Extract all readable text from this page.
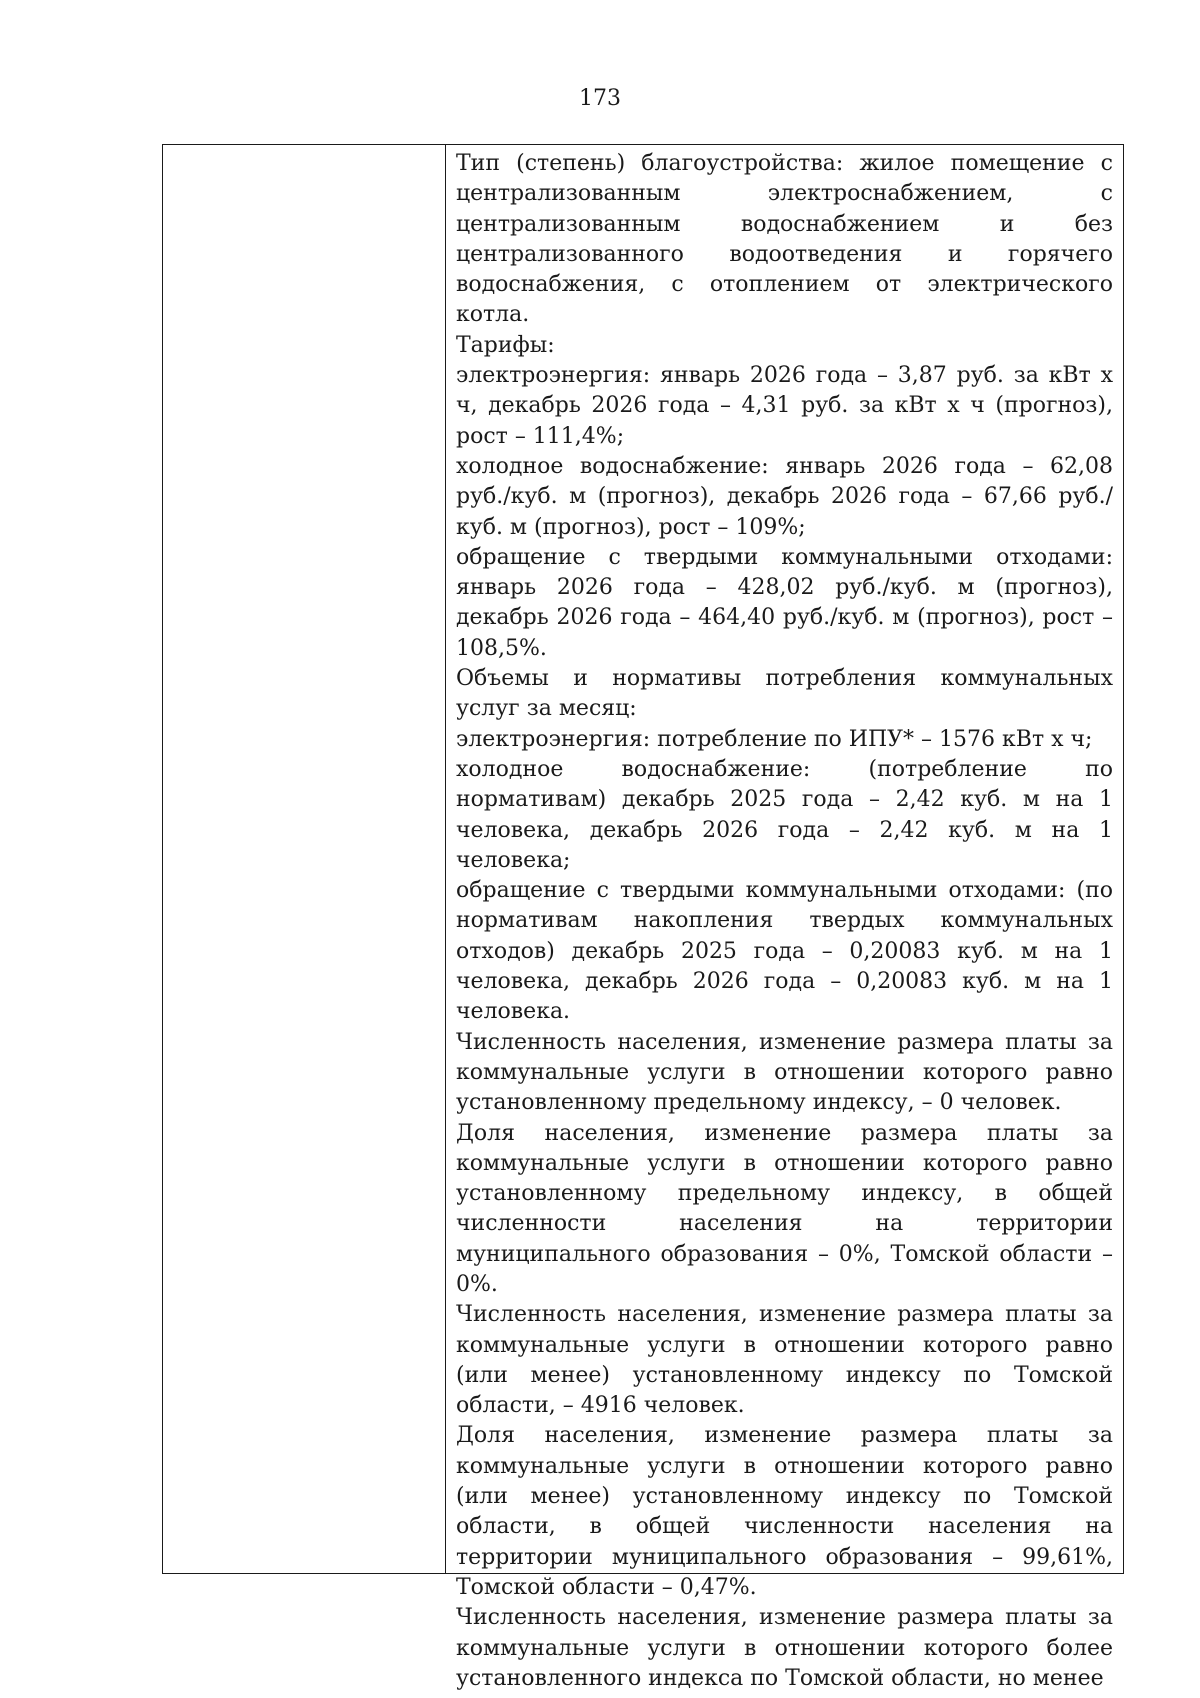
173

Тип (степень) благоустройства: жилое помещение с централизованным электроснабжением, с централизованным водоснабжением и без централизованного водоотведения и горячего водоснабжения, с отоплением от электрического котла.

Тарифы:

электроэнергия: январь 2026 года – 3,87 руб. за кВт х ч, декабрь 2026 года – 4,31 руб. за кВт х ч (прогноз), рост – 111,4%;

холодное водоснабжение: январь 2026 года – 62,08 руб./куб. м (прогноз), декабрь 2026 года – 67,66 руб./куб. м (прогноз), рост – 109%;

обращение с твердыми коммунальными отходами: январь 2026 года – 428,02 руб./куб. м (прогноз), декабрь 2026 года – 464,40 руб./куб. м (прогноз), рост – 108,5%.

Объемы и нормативы потребления коммунальных услуг за месяц:

электроэнергия: потребление по ИПУ* – 1576 кВт х ч;

холодное водоснабжение: (потребление по нормативам) декабрь 2025 года – 2,42 куб. м на 1 человека, декабрь 2026 года – 2,42 куб. м на 1 человека;

обращение с твердыми коммунальными отходами: (по нормативам накопления твердых коммунальных отходов) декабрь 2025 года – 0,20083 куб. м на 1 человека, декабрь 2026 года – 0,20083 куб. м на 1 человека.

Численность населения, изменение размера платы за коммунальные услуги в отношении которого равно установленному предельному индексу, – 0 человек.

Доля населения, изменение размера платы за коммунальные услуги в отношении которого равно установленному предельному индексу, в общей численности населения на территории муниципального образования – 0%, Томской области – 0%.

Численность населения, изменение размера платы за коммунальные услуги в отношении которого равно (или менее) установленному индексу по Томской области, – 4916 человек.

Доля населения, изменение размера платы за коммунальные услуги в отношении которого равно (или менее) установленному индексу по Томской области, в общей численности населения на территории муниципального образования – 99,61%, Томской области – 0,47%.

Численность населения, изменение размера платы за коммунальные услуги в отношении которого более установленного индекса по Томской области, но менее
